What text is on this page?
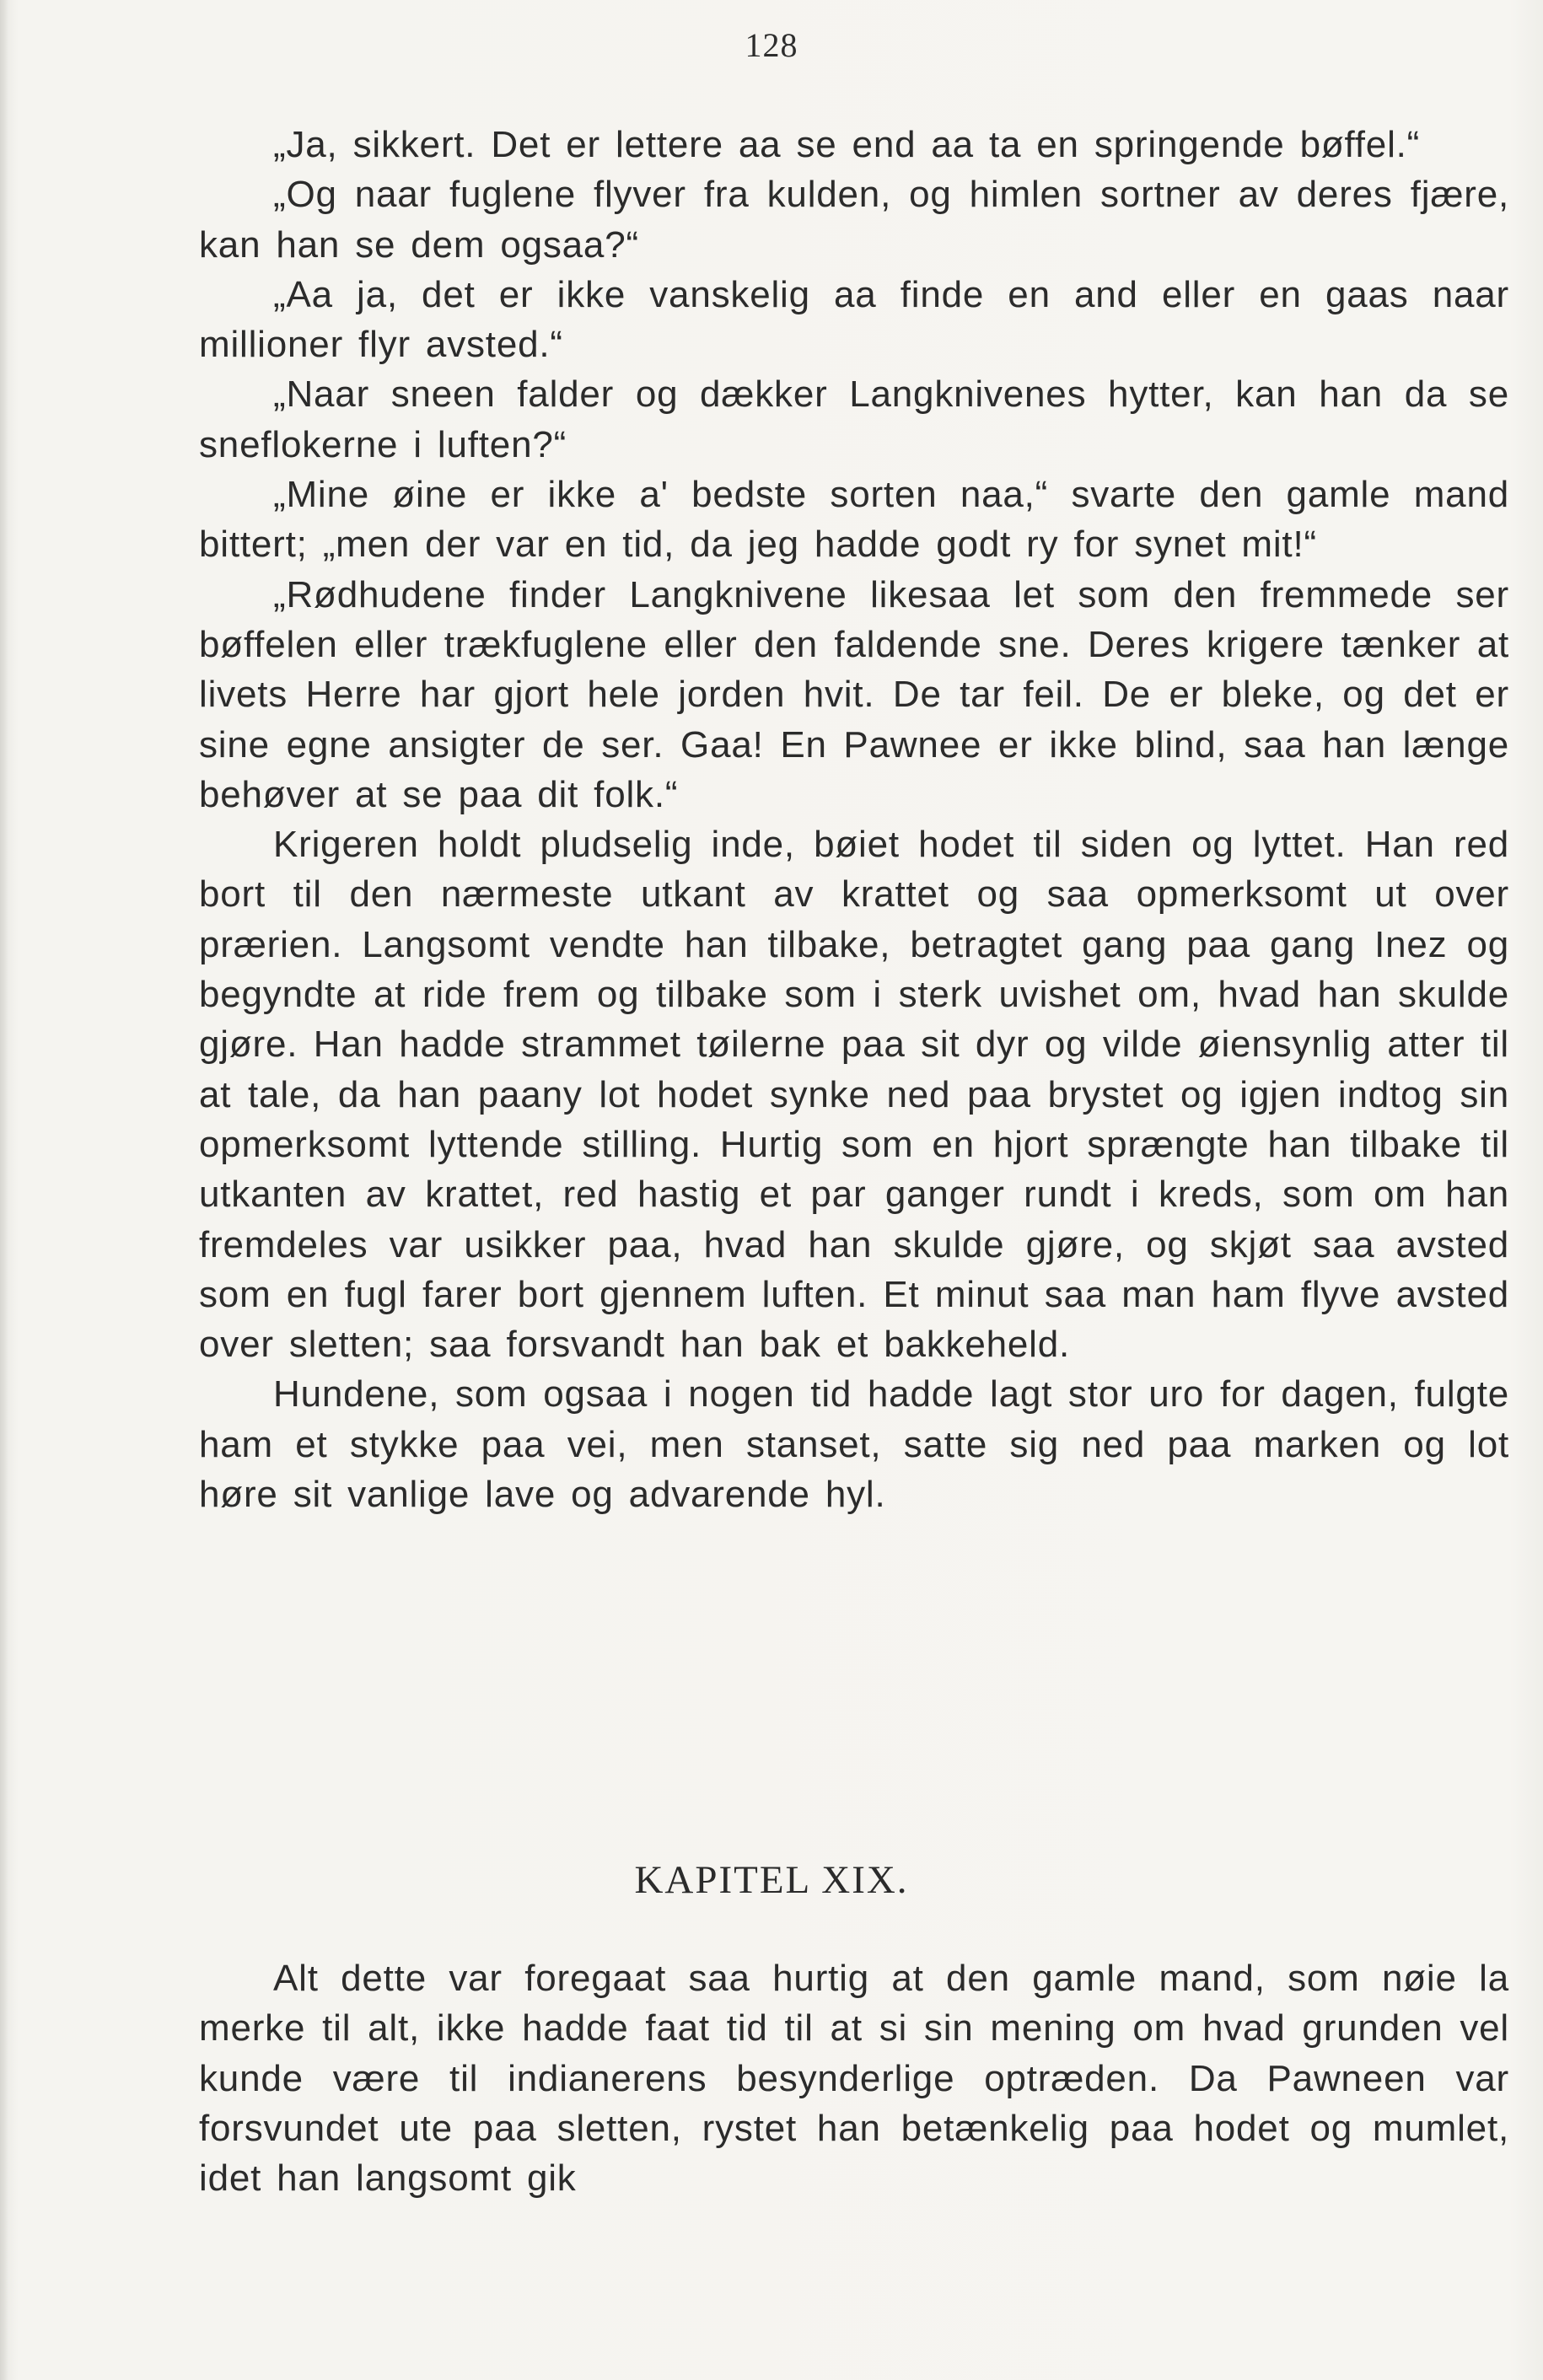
128

„Ja, sikkert. Det er lettere aa se end aa ta en springende bøffel.“

„Og naar fuglene flyver fra kulden, og himlen sortner av deres fjære, kan han se dem ogsaa?“

„Aa ja, det er ikke vanskelig aa finde en and eller en gaas naar millioner flyr avsted.“

„Naar sneen falder og dækker Langknivenes hytter, kan han da se sneflokerne i luften?“

„Mine øine er ikke a' bedste sorten naa,“ svarte den gamle mand bittert; „men der var en tid, da jeg hadde godt ry for synet mit!“

„Rødhudene finder Langknivene likesaa let som den fremmede ser bøffelen eller trækfuglene eller den faldende sne. Deres krigere tænker at livets Herre har gjort hele jorden hvit. De tar feil. De er bleke, og det er sine egne ansigter de ser. Gaa! En Pawnee er ikke blind, saa han længe behøver at se paa dit folk.“

Krigeren holdt pludselig inde, bøiet hodet til siden og lyttet. Han red bort til den nærmeste utkant av krattet og saa opmerksomt ut over prærien. Langsomt vendte han tilbake, betragtet gang paa gang Inez og begyndte at ride frem og tilbake som i sterk uvishet om, hvad han skulde gjøre. Han hadde strammet tøilerne paa sit dyr og vilde øiensynlig atter til at tale, da han paany lot hodet synke ned paa brystet og igjen indtog sin opmerksomt lyttende stilling. Hurtig som en hjort sprængte han tilbake til utkanten av krattet, red hastig et par ganger rundt i kreds, som om han fremdeles var usikker paa, hvad han skulde gjøre, og skjøt saa avsted som en fugl farer bort gjennem luften. Et minut saa man ham flyve avsted over sletten; saa forsvandt han bak et bakkeheld.

Hundene, som ogsaa i nogen tid hadde lagt stor uro for dagen, fulgte ham et stykke paa vei, men stanset, satte sig ned paa marken og lot høre sit vanlige lave og advarende hyl.

KAPITEL XIX.

Alt dette var foregaat saa hurtig at den gamle mand, som nøie la merke til alt, ikke hadde faat tid til at si sin mening om hvad grunden vel kunde være til indianerens besynderlige optræden. Da Pawneen var forsvundet ute paa sletten, rystet han betænkelig paa hodet og mumlet, idet han langsomt gik
